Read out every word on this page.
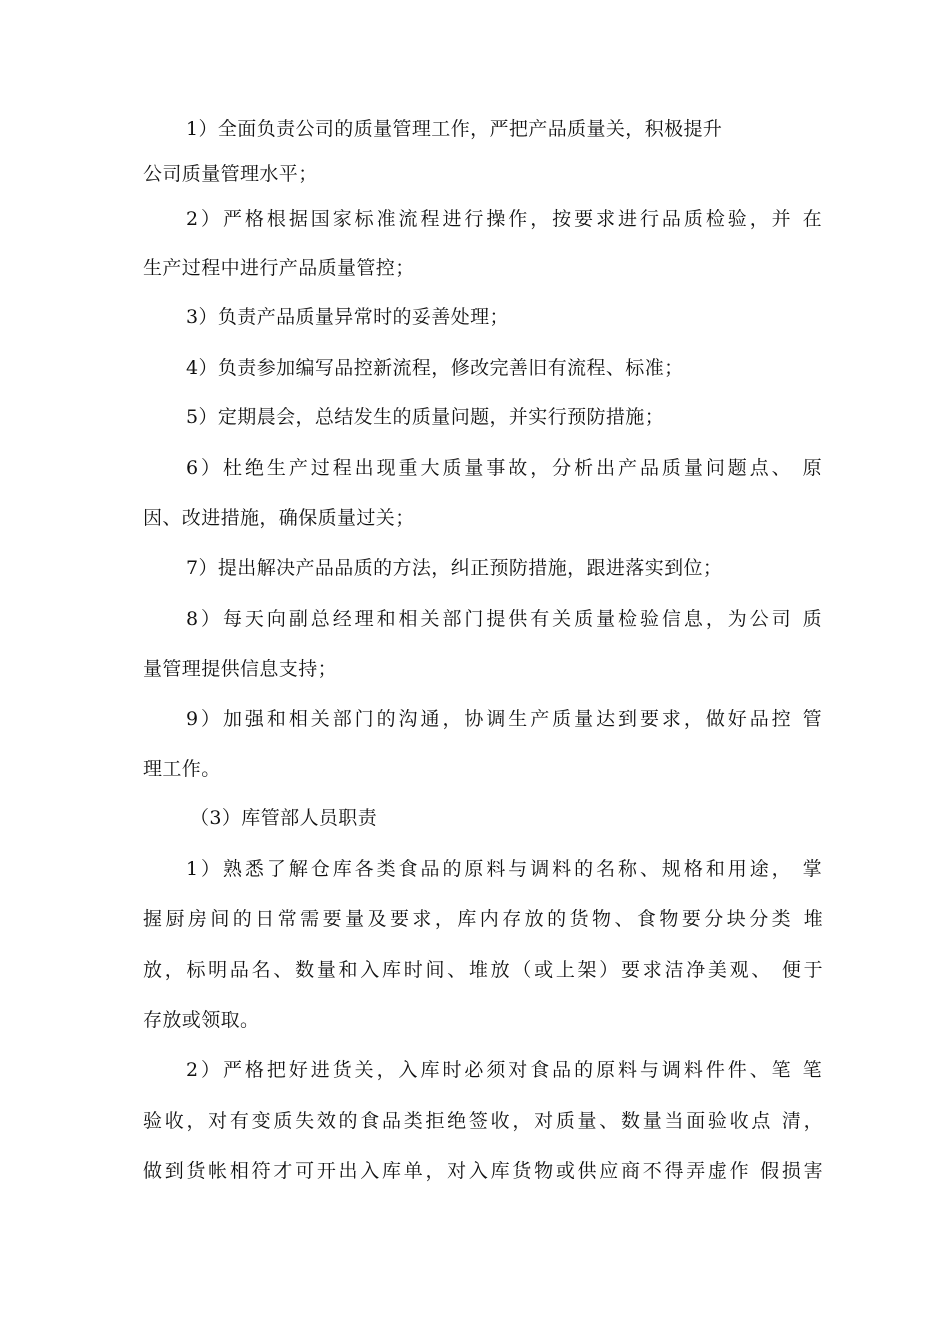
1）全面负责公司的质量管理工作，严把产品质量关，积极提升
公司质量管理水平；
2）严格根据国家标准流程进行操作，按要求进行品质检验，并 在
生产过程中进行产品质量管控；
3）负责产品质量异常时的妥善处理；
4）负责参加编写品控新流程，修改完善旧有流程、标准；
5）定期晨会，总结发生的质量问题，并实行预防措施；
6）杜绝生产过程出现重大质量事故，分析出产品质量问题点、 原
因、改进措施，确保质量过关；
7）提出解决产品品质的方法，纠正预防措施，跟进落实到位；
8）每天向副总经理和相关部门提供有关质量检验信息，为公司 质
量管理提供信息支持；
9）加强和相关部门的沟通，协调生产质量达到要求，做好品控 管
理工作。
（3）库管部人员职责
1）熟悉了解仓库各类食品的原料与调料的名称、规格和用途， 掌
握厨房间的日常需要量及要求，库内存放的货物、食物要分块分类 堆
放，标明品名、数量和入库时间、堆放（或上架）要求洁净美观、 便于
存放或领取。
2）严格把好进货关，入库时必须对食品的原料与调料件件、笔 笔
验收，对有变质失效的食品类拒绝签收，对质量、数量当面验收点 清，
做到货帐相符才可开出入库单，对入库货物或供应商不得弄虚作 假损害
